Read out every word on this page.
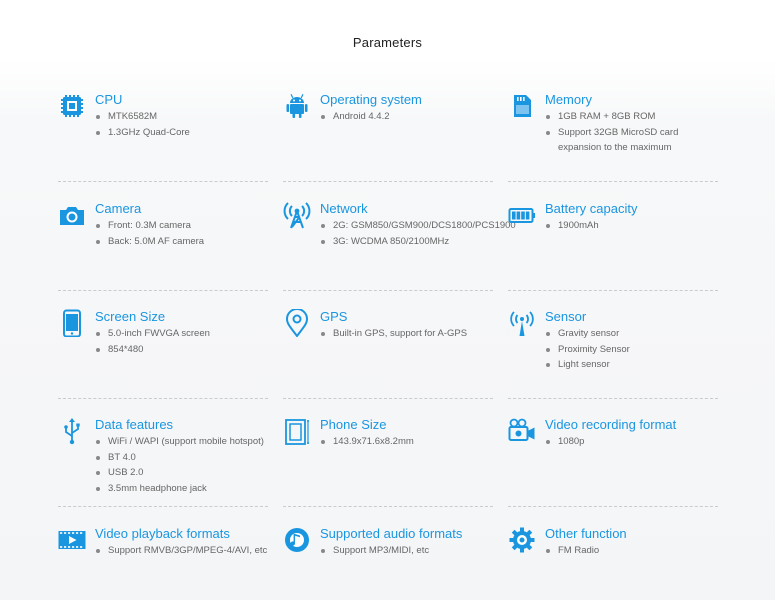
Parameters
CPU
MTK6582M
1.3GHz Quad-Core
Operating system
Android 4.4.2
Memory
1GB RAM + 8GB ROM
Support 32GB MicroSD card expansion to the maximum
Camera
Front: 0.3M camera
Back: 5.0M AF camera
Network
2G: GSM850/GSM900/DCS1800/PCS1900
3G: WCDMA 850/2100MHz
Battery capacity
1900mAh
Screen Size
5.0-inch FWVGA screen
854*480
GPS
Built-in GPS, support for A-GPS
Sensor
Gravity sensor
Proximity Sensor
Light sensor
Data features
WiFi / WAPI (support mobile hotspot)
BT 4.0
USB 2.0
3.5mm headphone jack
Phone Size
143.9x71.6x8.2mm
Video recording format
1080p
Video playback formats
Support RMVB/3GP/MPEG-4/AVI, etc
Supported audio formats
Support MP3/MIDI, etc
Other function
FM Radio
